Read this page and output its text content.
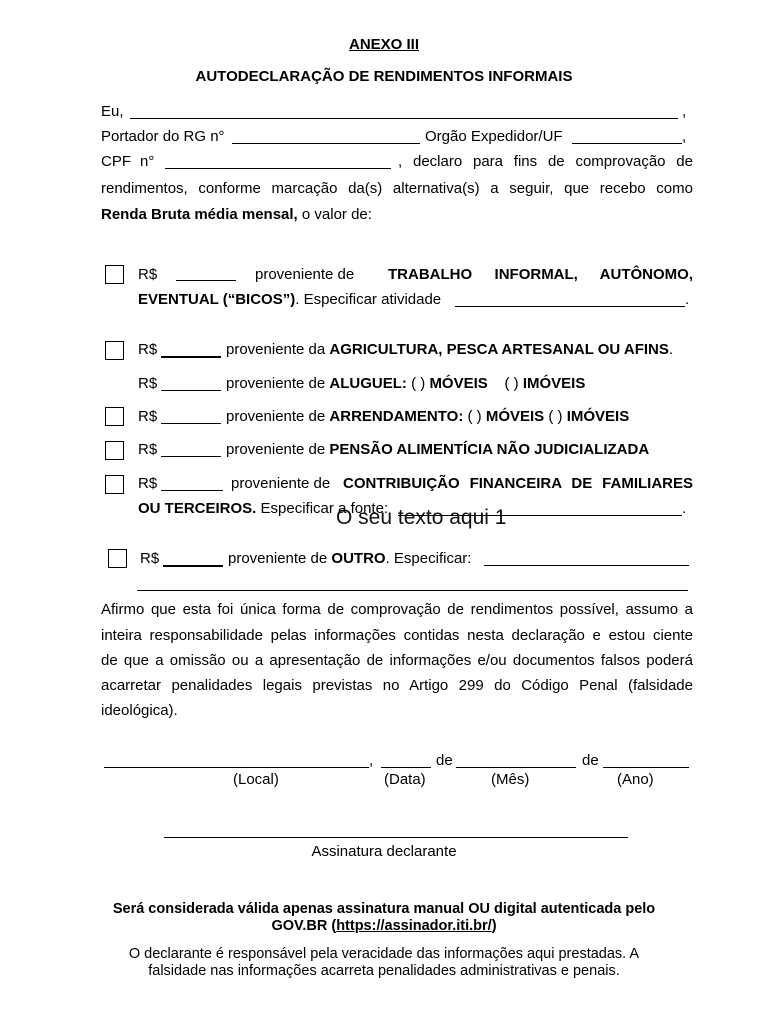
ANEXO III
AUTODECLARAÇÃO DE RENDIMENTOS INFORMAIS
Eu,	,
Portador do RG n°	Orgão Expedidor/UF	,
CPF n°	, declaro para fins de comprovação de
rendimentos, conforme marcação da(s) alternativa(s) a seguir, que recebo como
Renda Bruta média mensal, o valor de:
R$	proveniente de TRABALHO INFORMAL, AUTÔNOMO,
EVENTUAL (“BICOS”). Especificar atividade	.
R$	proveniente da AGRICULTURA, PESCA ARTESANAL OU AFINS.
R$	proveniente de ALUGUEL: ( ) MÓVEIS ( ) IMÓVEIS
R$	proveniente de ARRENDAMENTO: ( ) MÓVEIS ( ) IMÓVEIS
R$	proveniente de PENSÃO ALIMENTÍCIA NÃO JUDICIALIZADA
R$	proveniente de CONTRIBUIÇÃO FINANCEIRA DE FAMILIARES
OU TERCEIROS. Especificar a fonte:	.
O seu texto aqui 1
R$	proveniente de OUTRO. Especificar:
Afirmo que esta foi única forma de comprovação de rendimentos possível, assumo a
inteira responsabilidade pelas informações contidas nesta declaração e estou ciente
de que a omissão ou a apresentação de informações e/ou documentos falsos poderá
acarretar penalidades legais previstas no Artigo 299 do Código Penal (falsidade
ideológica).
,	de	de
(Local)	(Data)	(Mês)	(Ano)
Assinatura declarante
Será considerada válida apenas assinatura manual OU digital autenticada pelo
GOV.BR (https://assinador.iti.br/)
O declarante é responsável pela veracidade das informações aqui prestadas. A
falsidade nas informações acarreta penalidades administrativas e penais.
